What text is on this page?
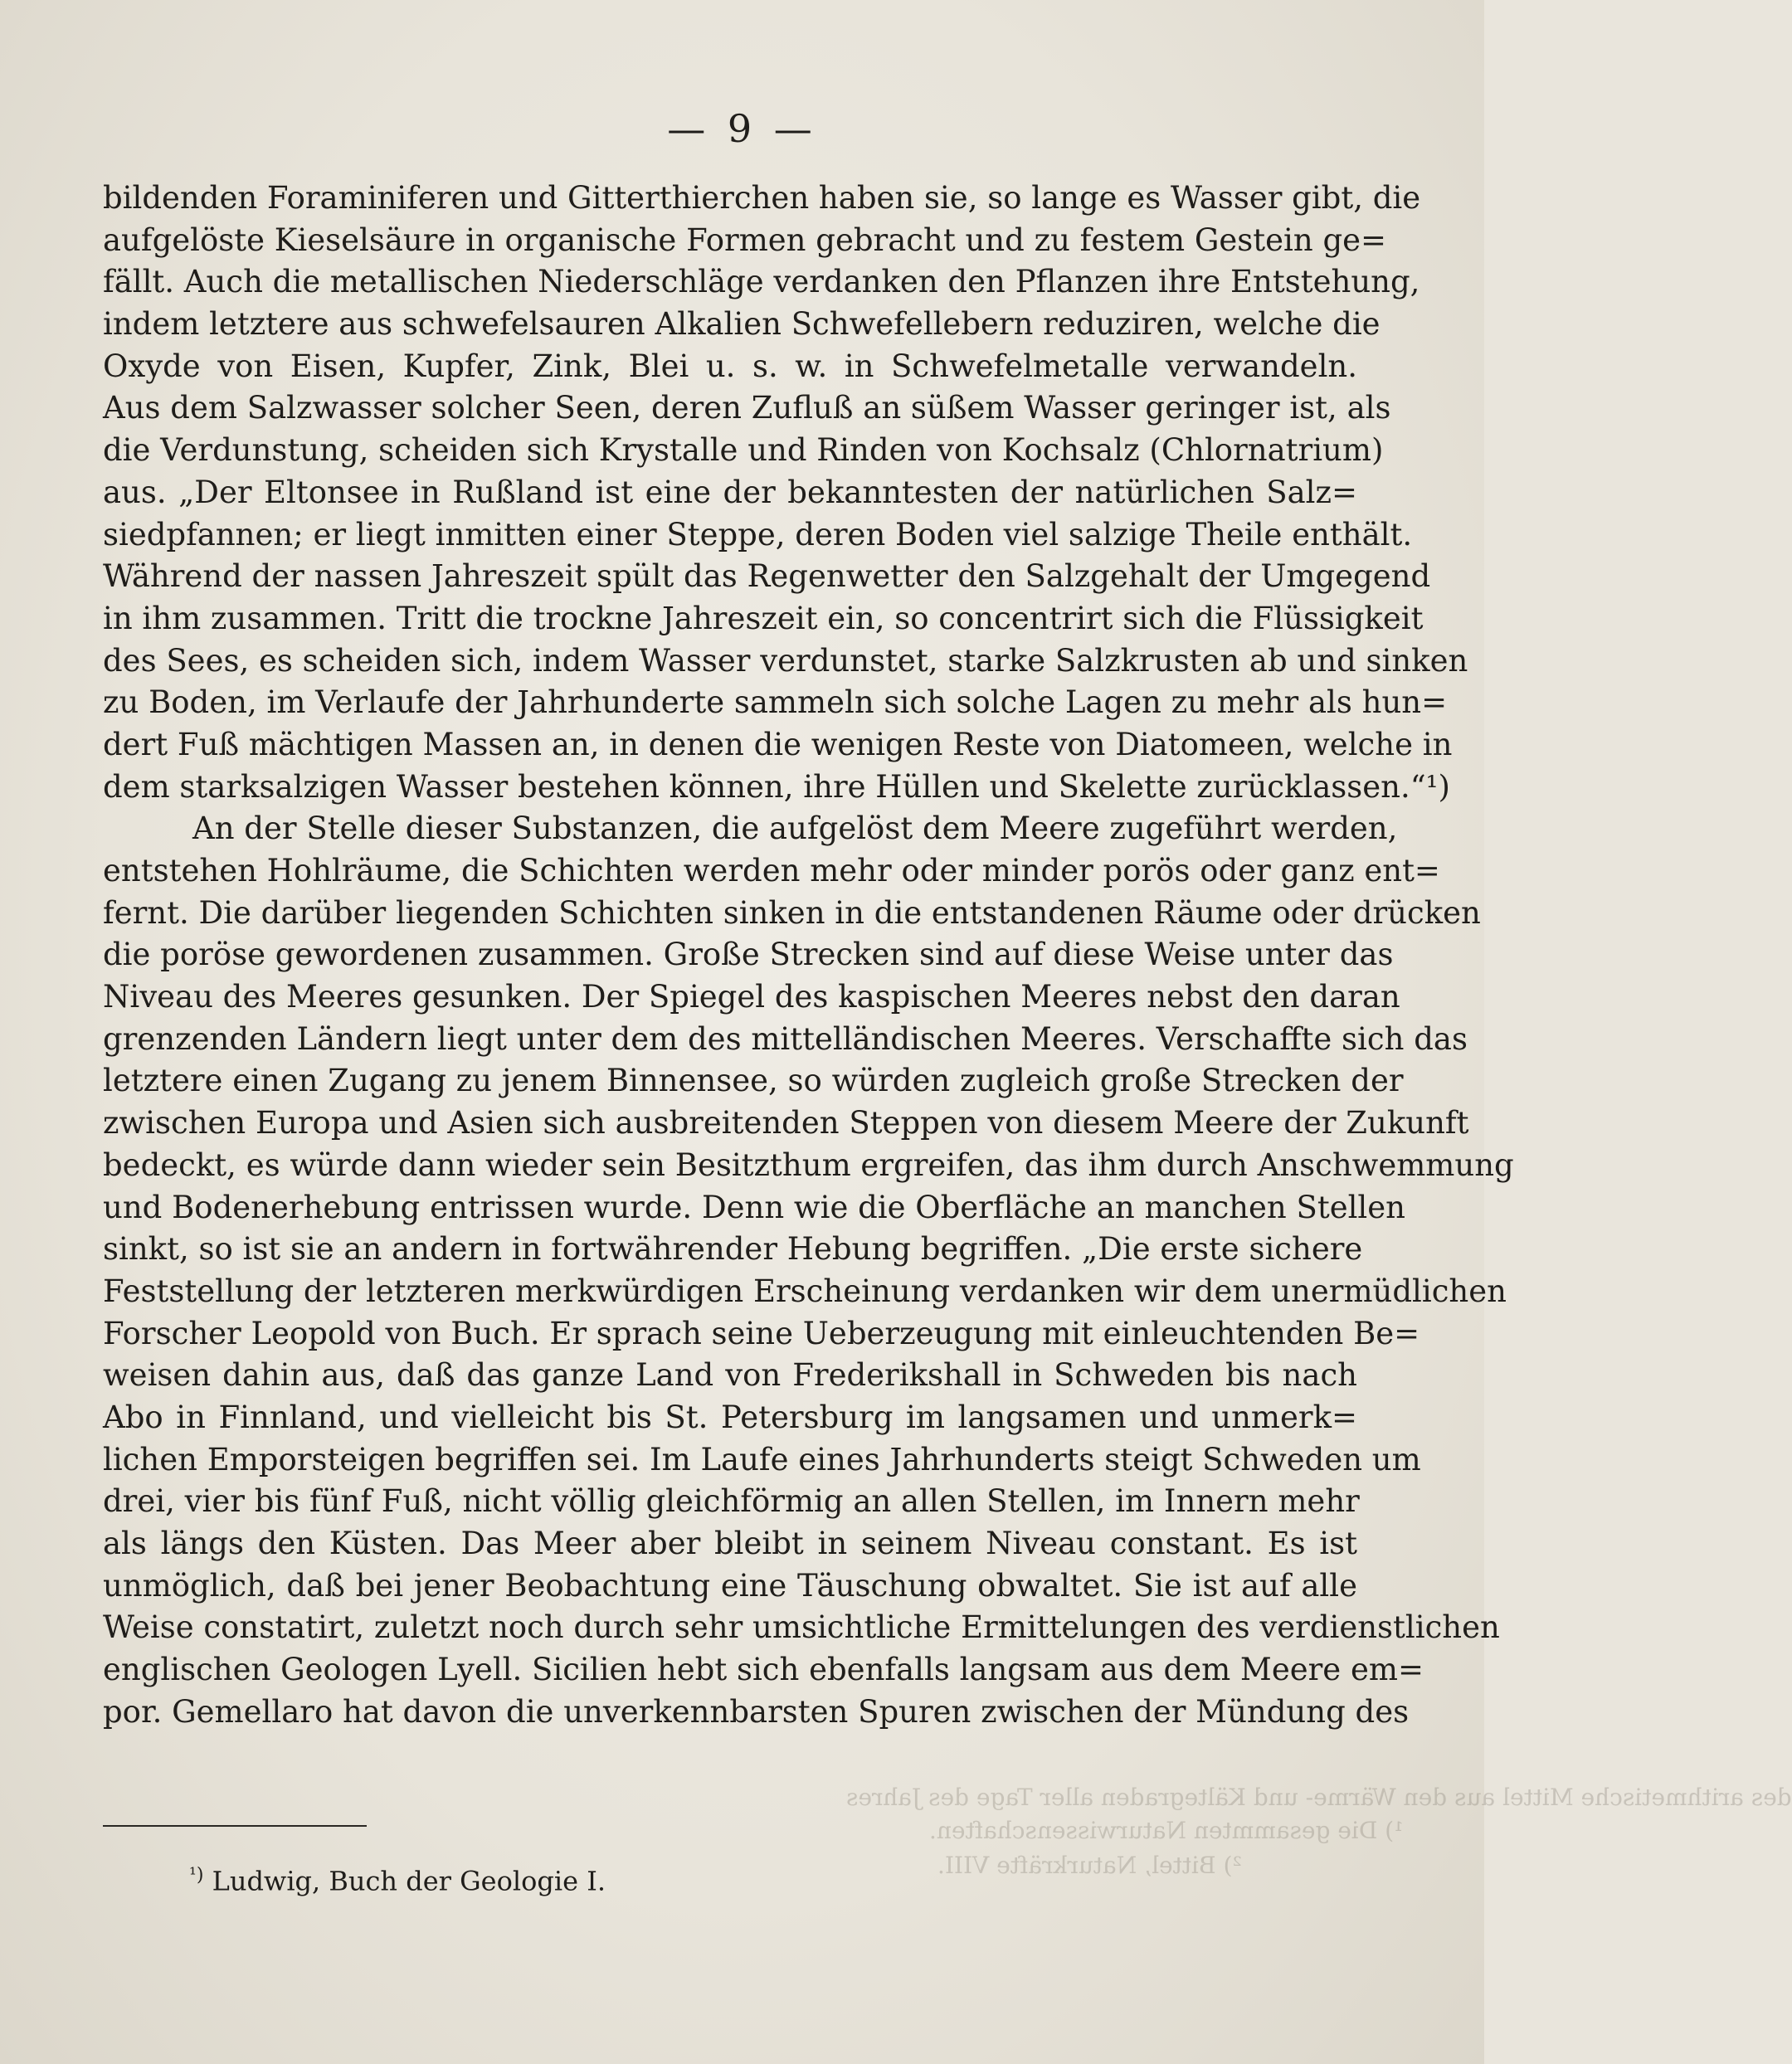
des arithmetische Mittel aus den Wärme- und Kältegraden aller Tage des Jahres
¹) Die gesammten Naturwissenschaften.
²) Bittel, Naturkräfte VIII.
— 9 —
bildenden Foraminiferen und Gitterthierchen haben sie, so lange es Wasser gibt, die
aufgelöste Kieselsäure in organische Formen gebracht und zu festem Gestein ge=
fällt. Auch die metallischen Niederschläge verdanken den Pflanzen ihre Entstehung,
indem letztere aus schwefelsauren Alkalien Schwefellebern reduziren, welche die
Oxyde von Eisen, Kupfer, Zink, Blei u. s. w. in Schwefelmetalle verwandeln.
Aus dem Salzwasser solcher Seen, deren Zufluß an süßem Wasser geringer ist, als
die Verdunstung, scheiden sich Krystalle und Rinden von Kochsalz (Chlornatrium)
aus. „Der Eltonsee in Rußland ist eine der bekanntesten der natürlichen Salz=
siedpfannen; er liegt inmitten einer Steppe, deren Boden viel salzige Theile enthält.
Während der nassen Jahreszeit spült das Regenwetter den Salzgehalt der Umgegend
in ihm zusammen. Tritt die trockne Jahreszeit ein, so concentrirt sich die Flüssigkeit
des Sees, es scheiden sich, indem Wasser verdunstet, starke Salzkrusten ab und sinken
zu Boden, im Verlaufe der Jahrhunderte sammeln sich solche Lagen zu mehr als hun=
dert Fuß mächtigen Massen an, in denen die wenigen Reste von Diatomeen, welche in
dem starksalzigen Wasser bestehen können, ihre Hüllen und Skelette zurücklassen.“¹)
An der Stelle dieser Substanzen, die aufgelöst dem Meere zugeführt werden,
entstehen Hohlräume, die Schichten werden mehr oder minder porös oder ganz ent=
fernt. Die darüber liegenden Schichten sinken in die entstandenen Räume oder drücken
die poröse gewordenen zusammen. Große Strecken sind auf diese Weise unter das
Niveau des Meeres gesunken. Der Spiegel des kaspischen Meeres nebst den daran
grenzenden Ländern liegt unter dem des mittelländischen Meeres. Verschaffte sich das
letztere einen Zugang zu jenem Binnensee, so würden zugleich große Strecken der
zwischen Europa und Asien sich ausbreitenden Steppen von diesem Meere der Zukunft
bedeckt, es würde dann wieder sein Besitzthum ergreifen, das ihm durch Anschwemmung
und Bodenerhebung entrissen wurde. Denn wie die Oberfläche an manchen Stellen
sinkt, so ist sie an andern in fortwährender Hebung begriffen. „Die erste sichere
Feststellung der letzteren merkwürdigen Erscheinung verdanken wir dem unermüdlichen
Forscher Leopold von Buch. Er sprach seine Ueberzeugung mit einleuchtenden Be=
weisen dahin aus, daß das ganze Land von Frederikshall in Schweden bis nach
Abo in Finnland, und vielleicht bis St. Petersburg im langsamen und unmerk=
lichen Emporsteigen begriffen sei. Im Laufe eines Jahrhunderts steigt Schweden um
drei, vier bis fünf Fuß, nicht völlig gleichförmig an allen Stellen, im Innern mehr
als längs den Küsten. Das Meer aber bleibt in seinem Niveau constant. Es ist
unmöglich, daß bei jener Beobachtung eine Täuschung obwaltet. Sie ist auf alle
Weise constatirt, zuletzt noch durch sehr umsichtliche Ermittelungen des verdienstlichen
englischen Geologen Lyell. Sicilien hebt sich ebenfalls langsam aus dem Meere em=
por. Gemellaro hat davon die unverkennbarsten Spuren zwischen der Mündung des
$^{^1)}$ Ludwig, Buch der Geologie I.
